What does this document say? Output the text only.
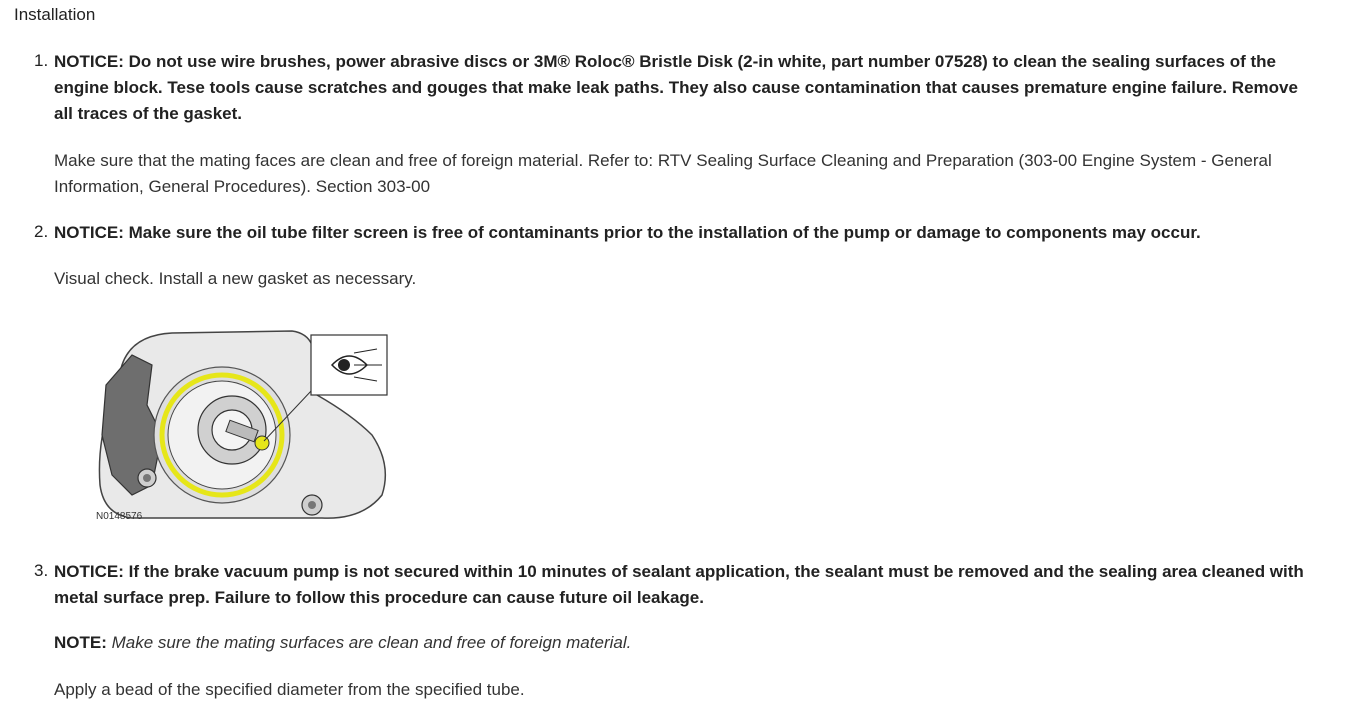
Installation
1. NOTICE: Do not use wire brushes, power abrasive discs or 3M® Roloc® Bristle Disk (2-in white, part number 07528) to clean the sealing surfaces of the engine block. Tese tools cause scratches and gouges that make leak paths. They also cause contamination that causes premature engine failure. Remove all traces of the gasket.
Make sure that the mating faces are clean and free of foreign material. Refer to: RTV Sealing Surface Cleaning and Preparation (303-00 Engine System - General Information, General Procedures). Section 303-00
2. NOTICE: Make sure the oil tube filter screen is free of contaminants prior to the installation of the pump or damage to components may occur.
Visual check. Install a new gasket as necessary.
N0148576
3. NOTICE: If the brake vacuum pump is not secured within 10 minutes of sealant application, the sealant must be removed and the sealing area cleaned with metal surface prep. Failure to follow this procedure can cause future oil leakage.
NOTE: Make sure the mating surfaces are clean and free of foreign material.
Apply a bead of the specified diameter from the specified tube.
